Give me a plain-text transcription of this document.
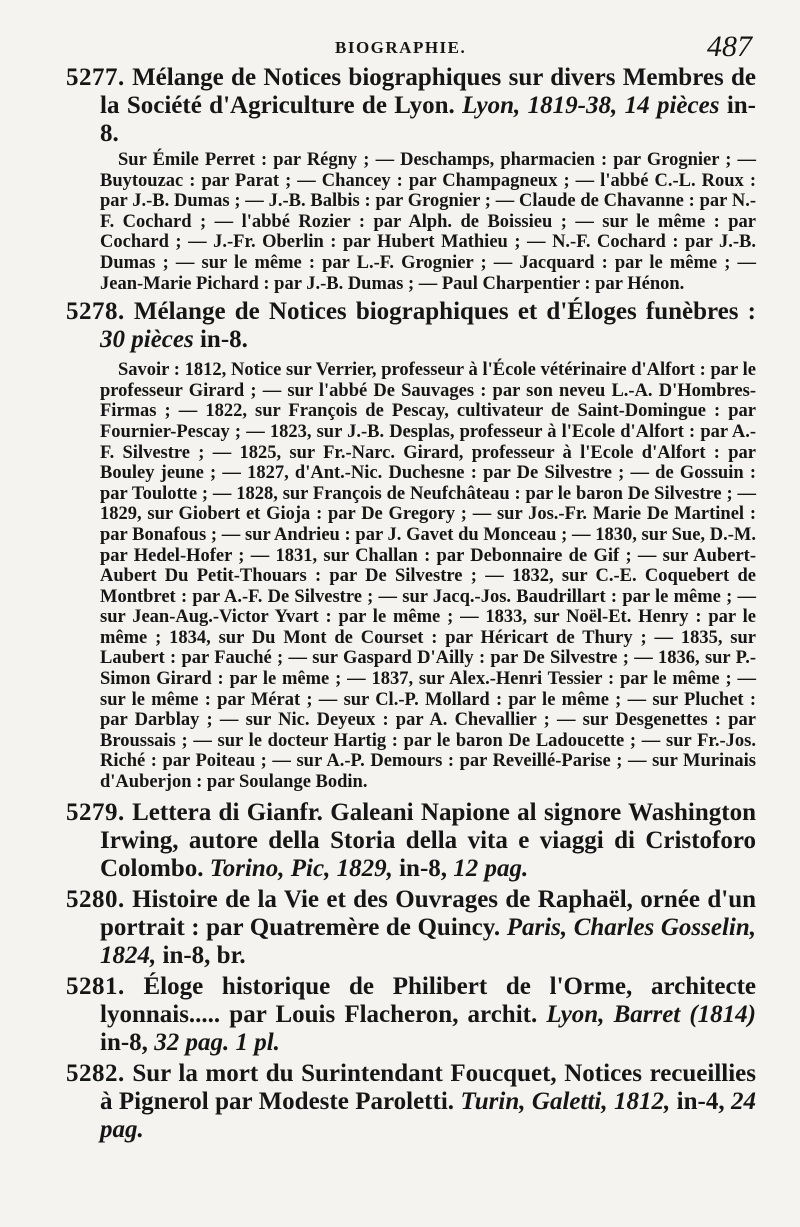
BIOGRAPHIE.	487
5277. Mélange de Notices biographiques sur divers Membres de la Société d'Agriculture de Lyon. Lyon, 1819-38, 14 pièces in-8.
Sur Émile Perret : par Régny ; — Deschamps, pharmacien : par Grognier ; — Buytouzac : par Parat ; — Chancey : par Champagneux ; — l'abbé C.-L. Roux : par J.-B. Dumas ; — J.-B. Balbis : par Grognier ; — Claude de Chavanne : par N.-F. Cochard ; — l'abbé Rozier : par Alph. de Boissieu ; — sur le même : par Cochard ; — J.-Fr. Oberlin : par Hubert Mathieu ; — N.-F. Cochard : par J.-B. Dumas ; — sur le même : par L.-F. Grognier ; — Jacquard : par le même ; — Jean-Marie Pichard : par J.-B. Dumas ; — Paul Charpentier : par Hénon.
5278. Mélange de Notices biographiques et d'Éloges funèbres : 30 pièces in-8.
Savoir : 1812, Notice sur Verrier, professeur à l'École vétérinaire d'Alfort : par le professeur Girard ; — sur l'abbé De Sauvages : par son neveu L.-A. D'Hombres-Firmas ; — 1822, sur François de Pescay, cultivateur de Saint-Domingue : par Fournier-Pescay ; — 1823, sur J.-B. Desplas, professeur à l'Ecole d'Alfort : par A.-F. Silvestre ; — 1825, sur Fr.-Narc. Girard, professeur à l'Ecole d'Alfort : par Bouley jeune ; — 1827, d'Ant.-Nic. Duchesne : par De Silvestre ; — de Gossuin : par Toulotte ; — 1828, sur François de Neufchâteau : par le baron De Silvestre ; — 1829, sur Giobert et Gioja : par De Gregory ; — sur Jos.-Fr. Marie De Martinel : par Bonafous ; — sur Andrieu : par J. Gavet du Monceau ; — 1830, sur Sue, D.-M. par Hedel-Hofer ; — 1831, sur Challan : par Debonnaire de Gif ; — sur Aubert-Aubert Du Petit-Thouars : par De Silvestre ; — 1832, sur C.-E. Coquebert de Montbret : par A.-F. De Silvestre ; — sur Jacq.-Jos. Baudrillart : par le même ; — sur Jean-Aug.-Victor Yvart : par le même ; — 1833, sur Noël-Et. Henry : par le même ; 1834, sur Du Mont de Courset : par Héricart de Thury ; — 1835, sur Laubert : par Fauché ; — sur Gaspard D'Ailly : par De Silvestre ; — 1836, sur P.-Simon Girard : par le même ; — 1837, sur Alex.-Henri Tessier : par le même ; — sur le même : par Mérat ; — sur Cl.-P. Mollard : par le même ; — sur Pluchet : par Darblay ; — sur Nic. Deyeux : par A. Chevallier ; — sur Desgenettes : par Broussais ; — sur le docteur Hartig : par le baron De Ladoucette ; — sur Fr.-Jos. Riché : par Poiteau ; — sur A.-P. Demours : par Reveillé-Parise ; — sur Murinais d'Auberjon : par Soulange Bodin.
5279. Lettera di Gianfr. Galeani Napione al signore Washington Irwing, autore della Storia della vita e viaggi di Cristoforo Colombo. Torino, Pic, 1829, in-8, 12 pag.
5280. Histoire de la Vie et des Ouvrages de Raphaël, ornée d'un portrait : par Quatremère de Quincy. Paris, Charles Gosselin, 1824, in-8, br.
5281. Éloge historique de Philibert de l'Orme, architecte lyonnais..... par Louis Flacheron, archit. Lyon, Barret (1814) in-8, 32 pag. 1 pl.
5282. Sur la mort du Surintendant Foucquet, Notices recueillies à Pignerol par Modeste Paroletti. Turin, Galetti, 1812, in-4, 24 pag.
